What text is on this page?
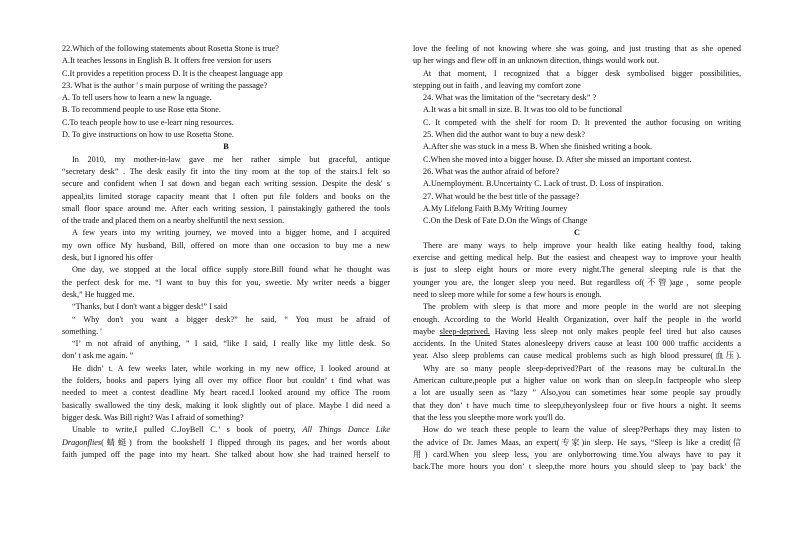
22.Which of the following statements about Rosetta Stone is true?
A.It teaches lessons in English B. It offers free version for users
C.It provides a repetition process D. It is the cheapest language app
23. What is the author ' s main purpose of writing the passage?
A. To tell users how to learn a new la nguage.
B. To recommend people to use Rose etta Stone.
C.To teach people how to use e-learr ning resources.
D. To give instructions on how to use Rosetta Stone.
B
In 2010, my mother-in-law gave me her rather simple but graceful, antique
“secretary desk” . The desk easily fit into the tiny room at the top of the stairs.I felt so
secure and confident when I sat down and began each writing session. Despite the desk' s
appeal,its limited storage capacity meant that I often put file folders and books on the
small floor space around me. After each writing session, I painstakingly gathered the tools
of the trade and placed them on a nearby shelfuntil the next session.
A few years into my writing journey, we moved into a bigger home, and I acquired
my own office My husband, Bill, offered on more than one occasion to buy me a new
desk, but I ignored his offer
One day, we stopped at the local office supply store.Bill found what he thought was
the perfect desk for me. “I want to buy this for you, sweetie. My writer needs a bigger
desk,” He hugged me.
“Thanks, but I don't want a bigger desk!” I said
“ Why don't you want a bigger desk?” he said, “ You must be afraid of
something. '
“I’ m not afraid of anything, ” I said, “like I said, I really like my little desk. So
don’ t ask me again. ”
He didn’ t. A few weeks later, while working in my new office, I looked around at
the folders, books and papers lying all over my office floor but couldn’ t find what was
needed to meet a contest deadline My heart raced.I looked around my office The room
basically swallowed the tiny desk, making it look slightly out of place. Maybe I did need a
bigger desk. Was Bill right? Was I afraid of something?
Unable to write,I pulled C.JoyBell C.’ s book of poetry, All Things Dance Like
Dragonflies(蜻蜓) from the bookshelf I flipped through its pages, and her words about
faith jumped off the page into my heart. She talked about how she had trained herself to
love the feeling of not knowing where she was going, and just trusting that as she opened
up her wings and flew off in an unknown direction, things would work out.
At that moment, I recognized that a bigger desk symbolised bigger possibilities,
stepping out in faith , and leaving my comfort zone
24. What was the limitation of the “secretary desk” ?
A.It was a bit small in size. B. It was too old to be functional
C. It competed with the shelf for room D. It prevented the author focusing on writing
25. When did the author want to buy a new desk?
A.After she was stuck in a mess B. When she finished writing a book.
C.When she moved into a bigger house. D. After she missed an important contest.
26. What was the author afraid of before?
A.Unemployment. B.Uncertainty C. Lack of trust. D. Loss of inspiration.
27. What would be the best title of the passage?
A.My Lifelong Faith B.My Writing Journey
C.On the Desk of Fate D.On the Wings of Change
C
There are many ways to help improve your health like eating healthy food, taking
exercise and getting medical help. But the easiest and cheapest way to improve your health
is just to sleep eight hours or more every night.The general sleeping rule is that the
younger you are, the longer sleep you need. But regardless of(不管)age，some people
need to sleep more while for some a few hours is enough.
The problem with sleep is that more and more people in the world are not sleeping
enough. According to the World Health Organization, over half the people in the world
maybe sleep-deprived. Having less sleep not only makes people feel tired but also causes
accidents. In the United States alonesleepy drivers cause at least 100 000 traffic accidents a
year. Also sleep problems can cause medical problems such as high blood pressure(血压).
Why are so many people sleep-deprived?Part of the reasons may be cultural.In the
American culture,people put a higher value on work than on sleep.In factpeople who sleep
a lot are usually seen as “lazy ” Also,you can sometimes hear some people say proudly
that they don’ t have much time to sleep,theyonlysleep four or five hours a night. It seems
that the less you sleepthe more work you'll do.
How do we teach these people to learn the value of sleep?Perhaps they may listen to
the advice of Dr. James Maas, an expert(专家)in sleep. He says, “Sleep is like a credit(信
用) card.When you sleep less, you are onlyborrowing time.You always have to pay it
back.The more hours you don’ t sleep,the more hours you should sleep to 'pay back’ the
